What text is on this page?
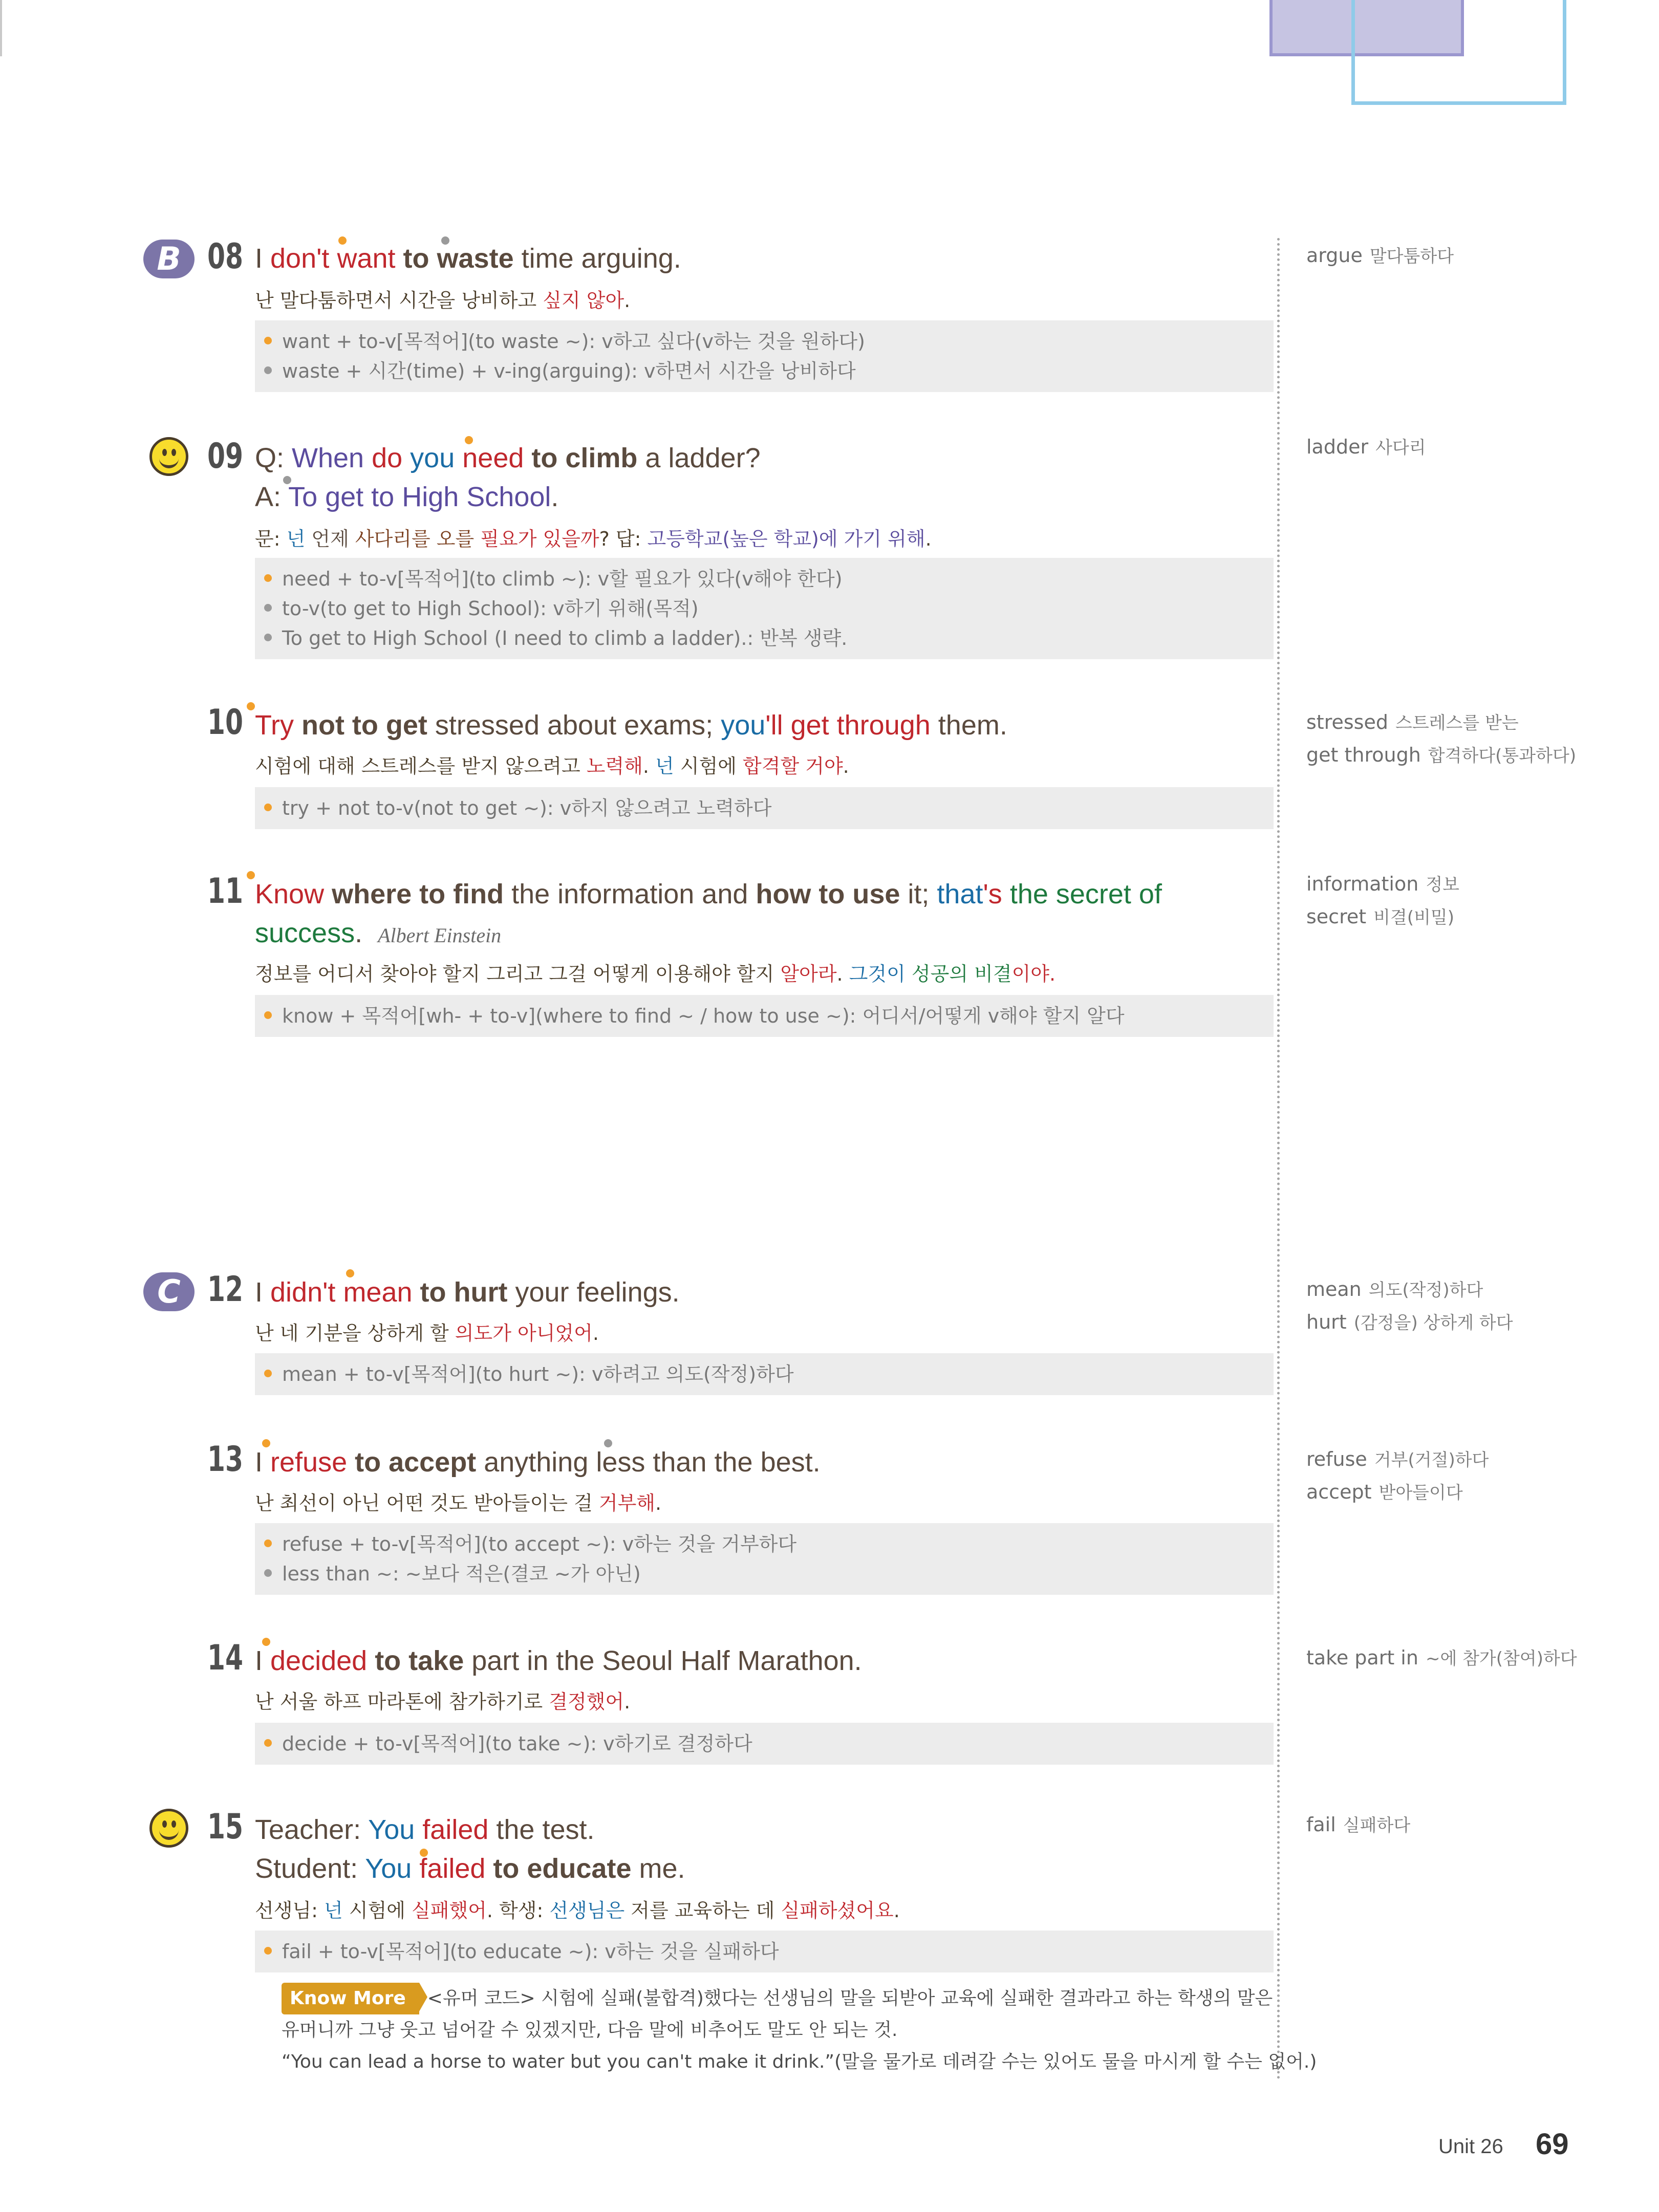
B 08 I don't want to waste time arguing.
난 말다툼하면서 시간을 낭비하고 싶지 않아.
want + to-v[목적어](to waste ~): v하고 싶다(v하는 것을 원하다)
waste + 시간(time) + v-ing(arguing): v하면서 시간을 낭비하다
argue 말다툼하다
09 Q: When do you need to climb a ladder?
A: To get to High School.
문: 넌 언제 사다리를 오를 필요가 있을까? 답: 고등학교(높은 학교)에 가기 위해.
need + to-v[목적어](to climb ~): v할 필요가 있다(v해야 한다)
to-v(to get to High School): v하기 위해(목적)
To get to High School (I need to climb a ladder).: 반복 생략.
ladder 사다리
10 Try not to get stressed about exams; you'll get through them.
시험에 대해 스트레스를 받지 않으려고 노력해. 넌 시험에 합격할 거야.
try + not to-v(not to get ~): v하지 않으려고 노력하다
stressed 스트레스를 받는
get through 합격하다(통과하다)
11 Know where to find the information and how to use it; that's the secret of
success. Albert Einstein
정보를 어디서 찾아야 할지 그리고 그걸 어떻게 이용해야 할지 알아라. 그것이 성공의 비결이야.
know + 목적어[wh- + to-v](where to find ~ / how to use ~): 어디서/어떻게 v해야 할지 알다
information 정보
secret 비결(비밀)
C 12 I didn't mean to hurt your feelings.
난 네 기분을 상하게 할 의도가 아니었어.
mean + to-v[목적어](to hurt ~): v하려고 의도(작정)하다
mean 의도(작정)하다
hurt (감정을) 상하게 하다
13 I refuse to accept anything less than the best.
난 최선이 아닌 어떤 것도 받아들이는 걸 거부해.
refuse + to-v[목적어](to accept ~): v하는 것을 거부하다
less than ~: ~보다 적은(결코 ~가 아닌)
refuse 거부(거절)하다
accept 받아들이다
14 I decided to take part in the Seoul Half Marathon.
난 서울 하프 마라톤에 참가하기로 결정했어.
decide + to-v[목적어](to take ~): v하기로 결정하다
take part in ~에 참가(참여)하다
15 Teacher: You failed the test.
Student: You failed to educate me.
선생님: 넌 시험에 실패했어. 학생: 선생님은 저를 교육하는 데 실패하셨어요.
fail + to-v[목적어](to educate ~): v하는 것을 실패하다
Know More <유머 코드> 시험에 실패(불합격)했다는 선생님의 말을 되받아 교육에 실패한 결과라고 하는 학생의 말은
유머니까 그냥 웃고 넘어갈 수 있겠지만, 다음 말에 비추어도 말도 안 되는 것.
“You can lead a horse to water but you can't make it drink.”(말을 물가로 데려갈 수는 있어도 물을 마시게 할 수는 없어.)
fail 실패하다
Unit 26 69
